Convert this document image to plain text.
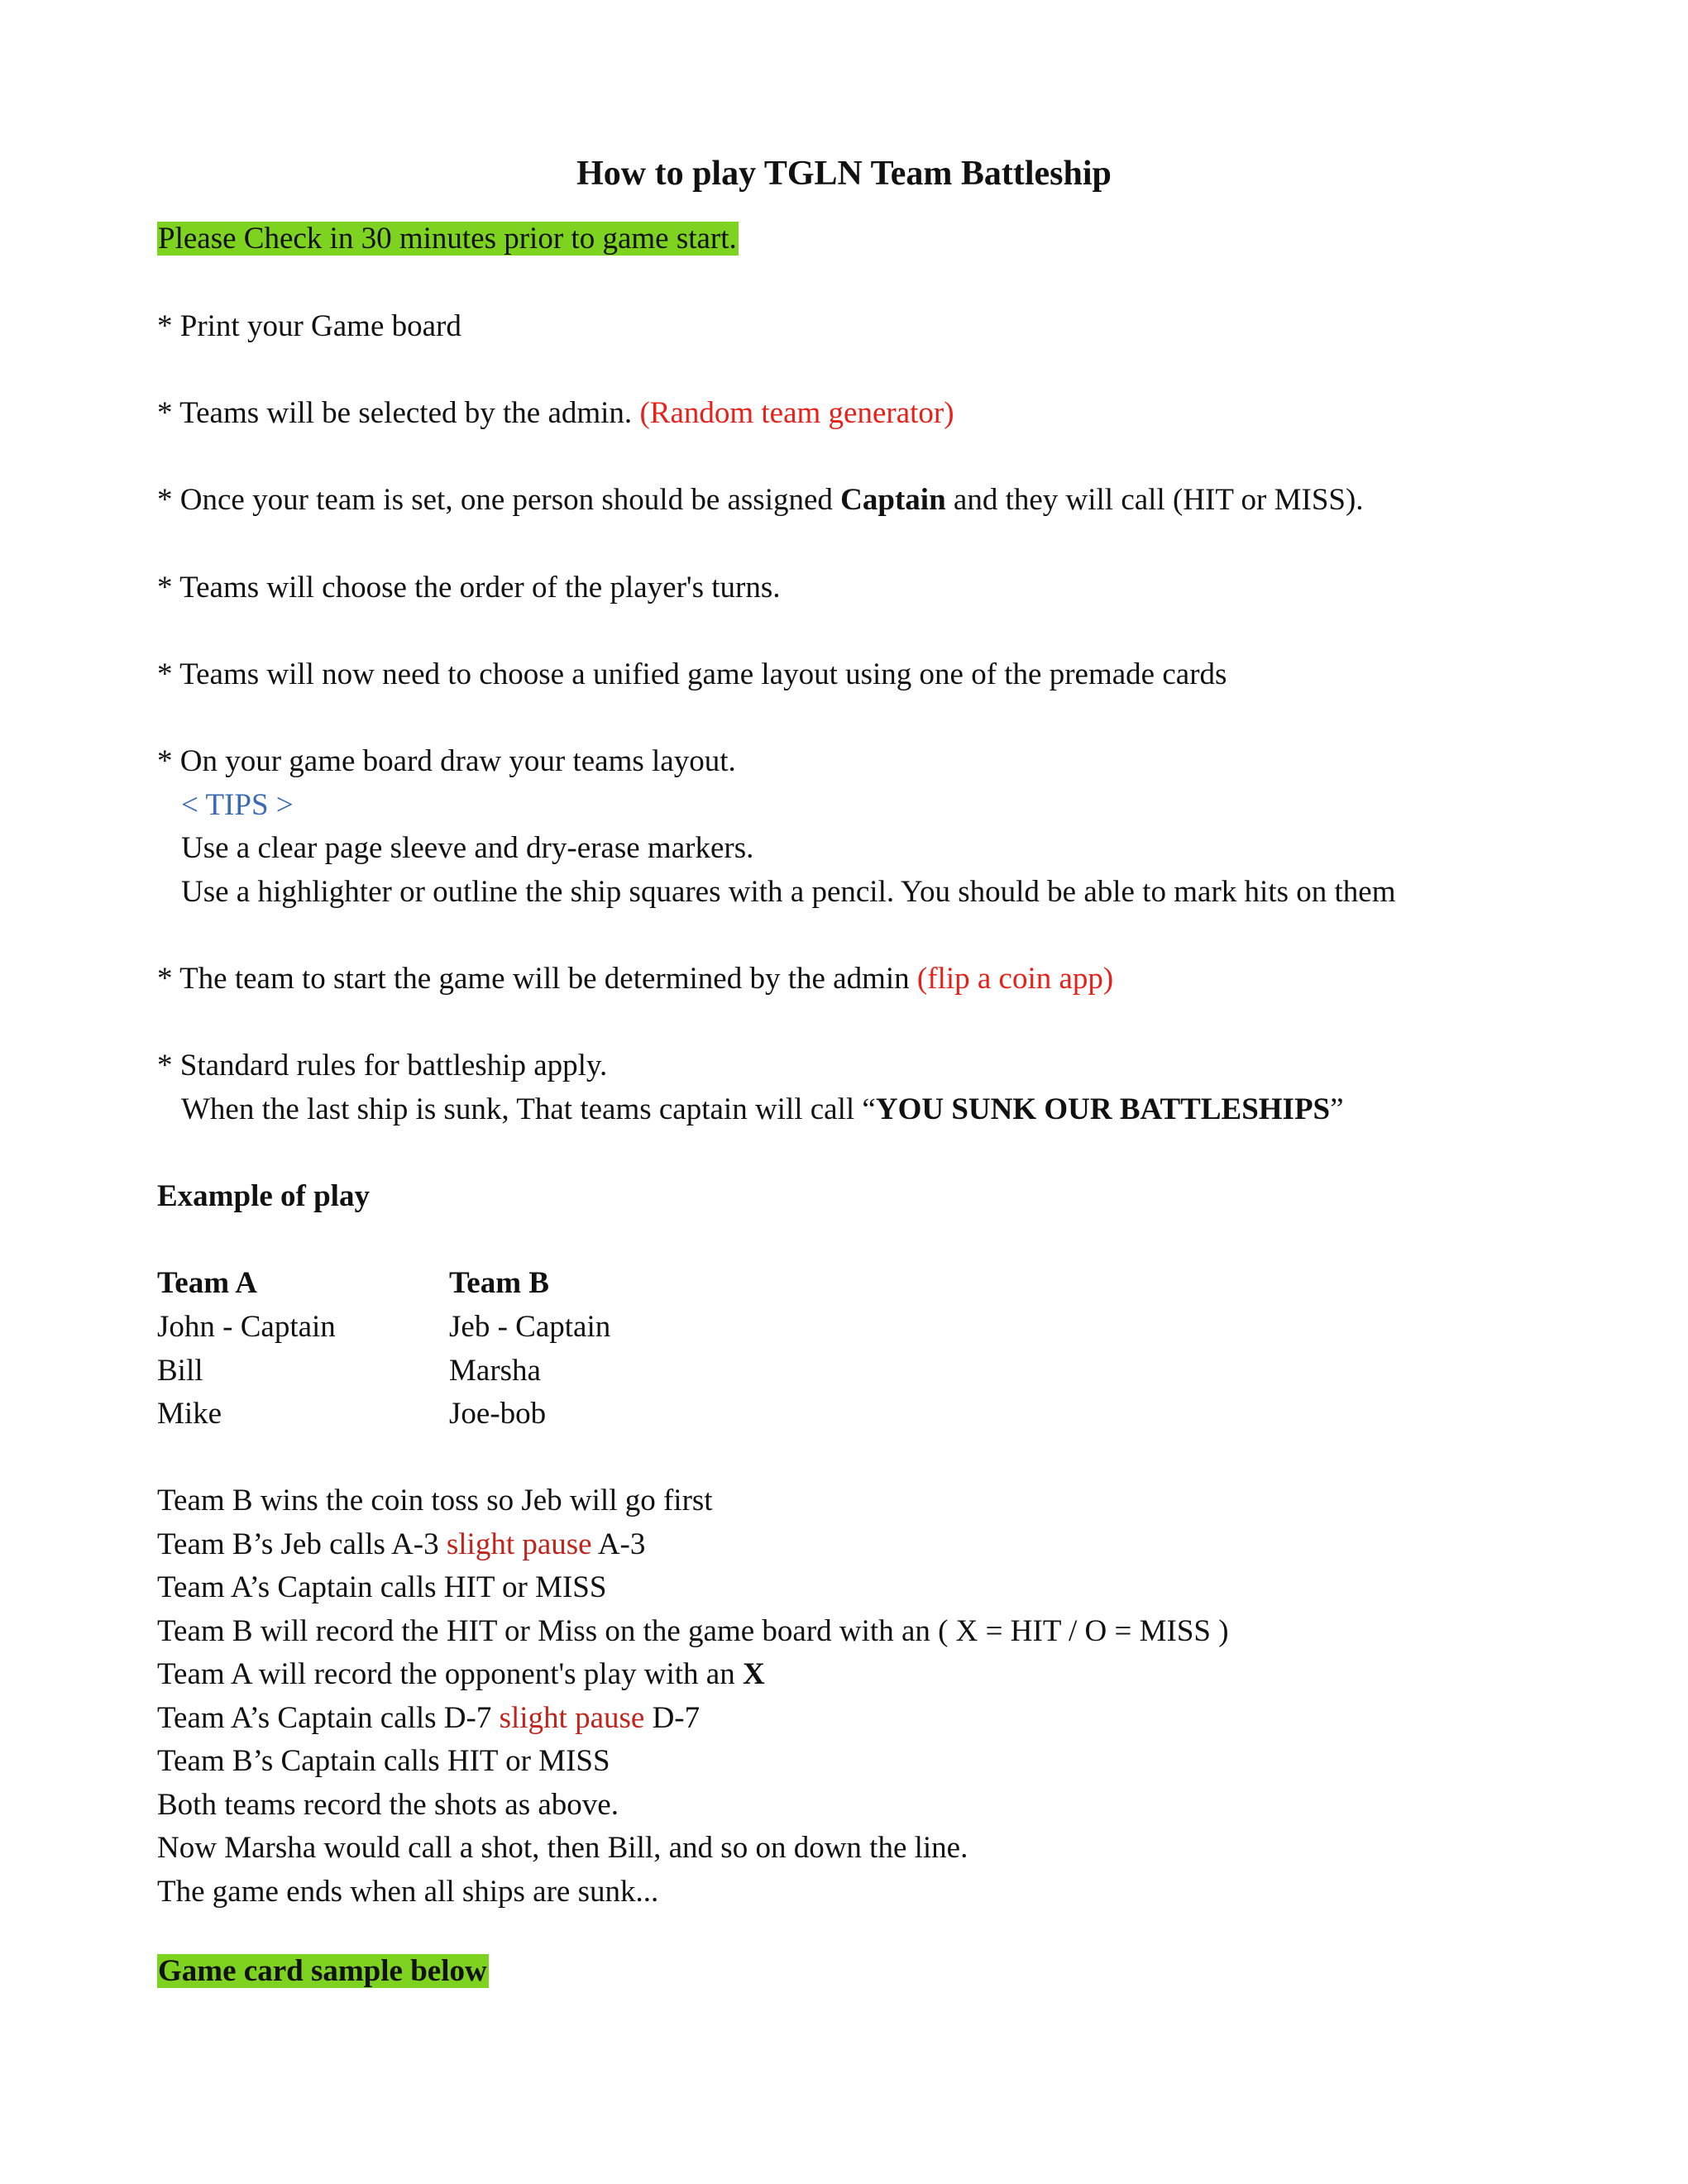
How to play TGLN Team Battleship
Please Check in 30 minutes prior to game start.
* Print your Game board
* Teams will be selected by the admin. (Random team generator)
* Once your team is set, one person should be assigned Captain and they will call (HIT or MISS).
* Teams will choose the order of the player's turns.
* Teams will now need to choose a unified game layout using one of the premade cards
* On your game board draw your teams layout.
< TIPS >
Use a clear page sleeve and dry-erase markers.
Use a highlighter or outline the ship squares with a pencil. You should be able to mark hits on them
* The team to start the game will be determined by the admin (flip a coin app)
* Standard rules for battleship apply.
When the last ship is sunk, That teams captain will call “YOU SUNK OUR BATTLESHIPS”
Example of play
Team A	Team B
John - Captain	Jeb - Captain
Bill	Marsha
Mike	Joe-bob
Team B wins the coin toss so Jeb will go first
Team B’s Jeb calls A-3 slight pause A-3
Team A’s Captain calls HIT or MISS
Team B will record the HIT or Miss on the game board with an ( X = HIT / O = MISS )
Team A will record the opponent's play with an X
Team A’s Captain calls D-7 slight pause D-7
Team B’s Captain calls HIT or MISS
Both teams record the shots as above.
Now Marsha would call a shot, then Bill, and so on down the line.
The game ends when all ships are sunk...
Game card sample below
